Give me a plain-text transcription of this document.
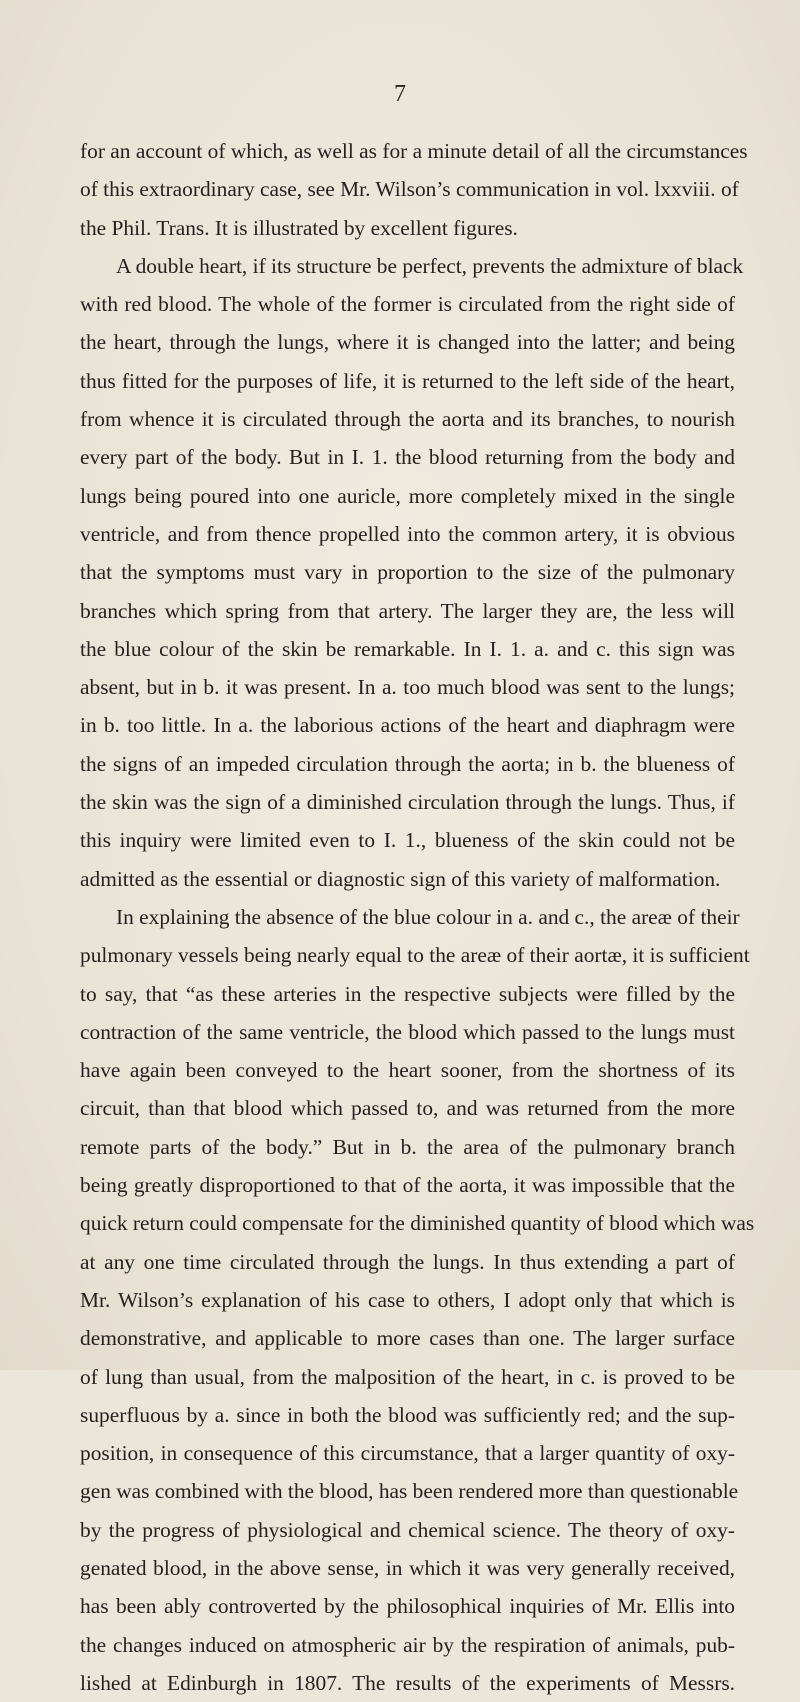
7
for an account of which, as well as for a minute detail of all the circumstances
of this extraordinary case, see Mr. Wilson’s communication in vol. lxxviii. of
the Phil. Trans. It is illustrated by excellent figures.
A double heart, if its structure be perfect, prevents the admixture of black
with red blood. The whole of the former is circulated from the right side of
the heart, through the lungs, where it is changed into the latter; and being
thus fitted for the purposes of life, it is returned to the left side of the heart,
from whence it is circulated through the aorta and its branches, to nourish
every part of the body. But in I. 1. the blood returning from the body and
lungs being poured into one auricle, more completely mixed in the single
ventricle, and from thence propelled into the common artery, it is obvious
that the symptoms must vary in proportion to the size of the pulmonary
branches which spring from that artery. The larger they are, the less will
the blue colour of the skin be remarkable. In I. 1. a. and c. this sign was
absent, but in b. it was present. In a. too much blood was sent to the lungs;
in b. too little. In a. the laborious actions of the heart and diaphragm were
the signs of an impeded circulation through the aorta; in b. the blueness of
the skin was the sign of a diminished circulation through the lungs. Thus, if
this inquiry were limited even to I. 1., blueness of the skin could not be
admitted as the essential or diagnostic sign of this variety of malformation.
In explaining the absence of the blue colour in a. and c., the areæ of their
pulmonary vessels being nearly equal to the areæ of their aortæ, it is sufficient
to say, that “as these arteries in the respective subjects were filled by the
contraction of the same ventricle, the blood which passed to the lungs must
have again been conveyed to the heart sooner, from the shortness of its
circuit, than that blood which passed to, and was returned from the more
remote parts of the body.” But in b. the area of the pulmonary branch
being greatly disproportioned to that of the aorta, it was impossible that the
quick return could compensate for the diminished quantity of blood which was
at any one time circulated through the lungs. In thus extending a part of
Mr. Wilson’s explanation of his case to others, I adopt only that which is
demonstrative, and applicable to more cases than one. The larger surface
of lung than usual, from the malposition of the heart, in c. is proved to be
superfluous by a. since in both the blood was sufficiently red; and the sup-
position, in consequence of this circumstance, that a larger quantity of oxy-
gen was combined with the blood, has been rendered more than questionable
by the progress of physiological and chemical science. The theory of oxy-
genated blood, in the above sense, in which it was very generally received,
has been ably controverted by the philosophical inquiries of Mr. Ellis into
the changes induced on atmospheric air by the respiration of animals, pub-
lished at Edinburgh in 1807. The results of the experiments of Messrs.
